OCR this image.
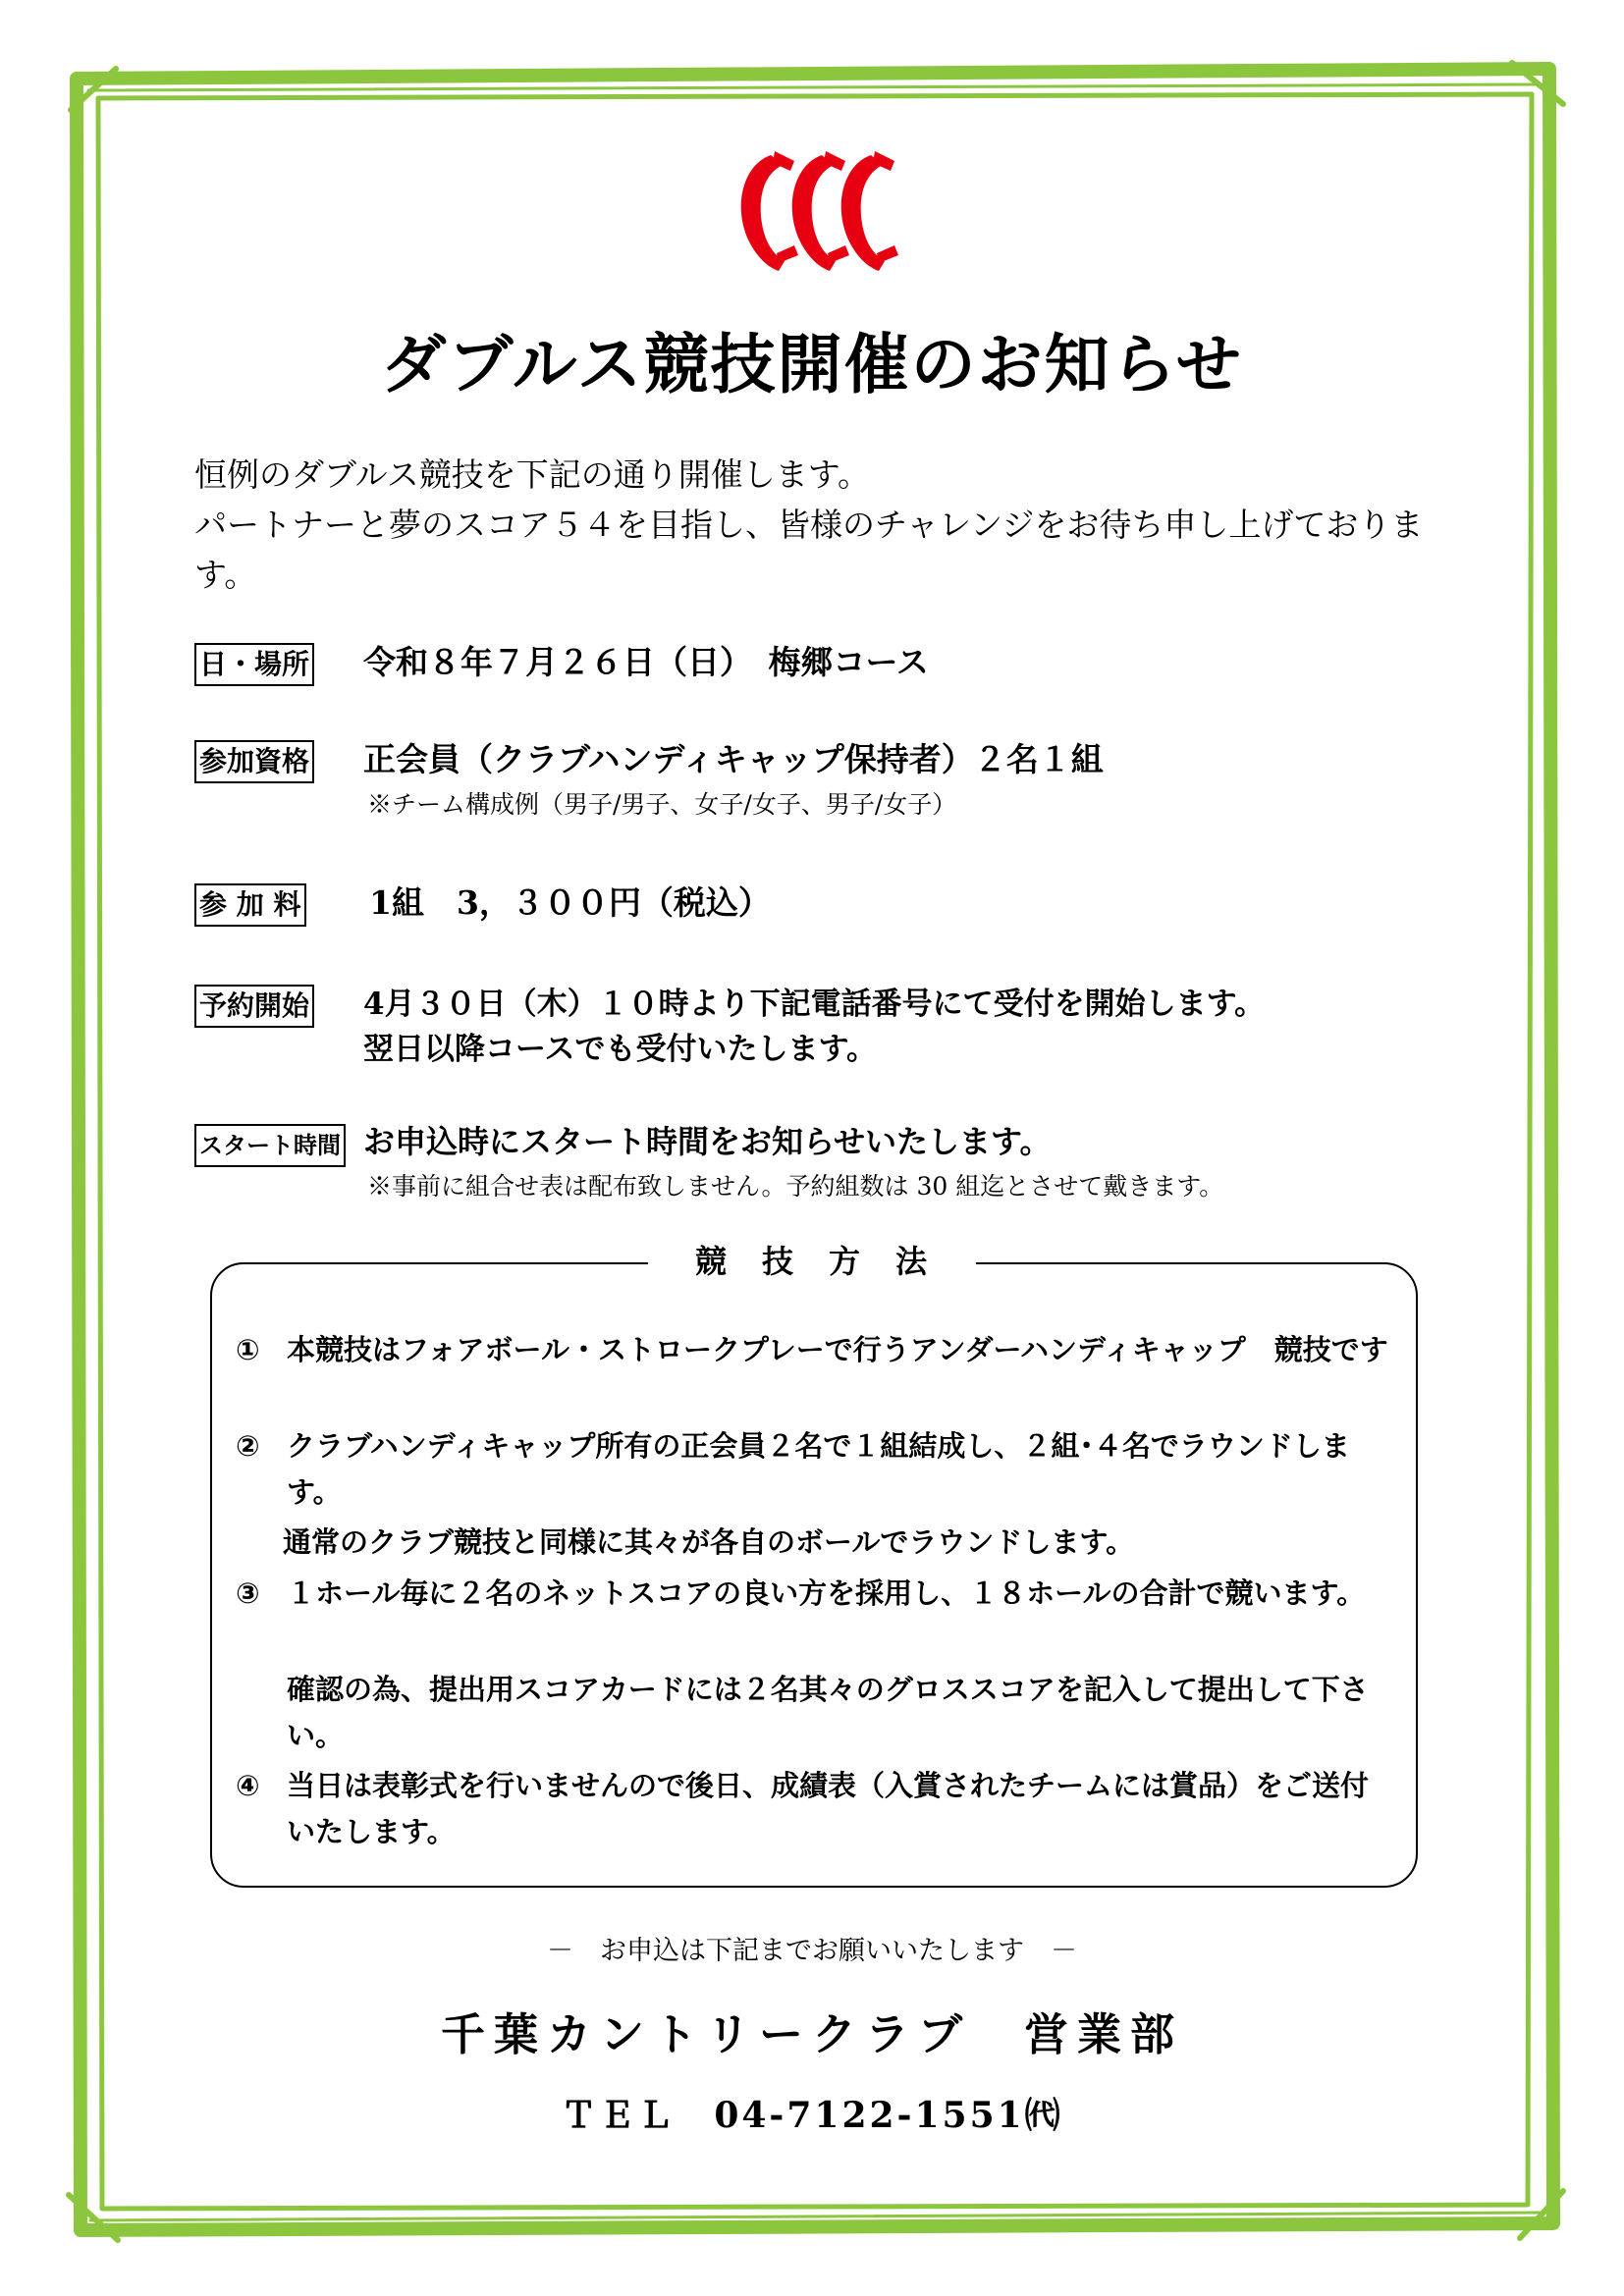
CCC
ダブルス競技開催のお知らせ

恒例のダブルス競技を下記の通り開催します。

パートナーと夢のスコア５４を目指し、皆様のチャレンジをお待ち申し上げております。

日・場所 令和８年７月２６日（日）　梅郷コース
参加資格 正会員（クラブハンディキャップ保持者）２名１組
※チーム構成例（男子/男子、女子/女子、男子/女子）
参 加 料 1組　3，３００円（税込）
予約開始 4月３０日（木）１０時より下記電話番号にて受付を開始します。
翌日以降コースでも受付いたします。
スタート時間 お申込時にスタート時間をお知らせいたします。
※事前に組合せ表は配布致しません。予約組数は 30 組迄とさせて戴きます。
競　技　方　法
① 本競技はフォアボール・ストロークプレーで行うアンダーハンディキャップ　競技です
② クラブハンディキャップ所有の正会員２名で１組結成し、２組･４名でラウンドします。
通常のクラブ競技と同様に其々が各自のボールでラウンドします。
③ １ホール毎に２名のネットスコアの良い方を採用し、１８ホールの合計で競います。
確認の為、提出用スコアカードには２名其々のグロススコアを記入して提出して下さい。
④ 当日は表彰式を行いませんので後日、成績表（入賞されたチームには賞品）をご送付いたします。
－　お申込は下記までお願いいたします　－
千葉カントリークラブ　営業部
ＴＥＬ　04-7122-1551㈹
